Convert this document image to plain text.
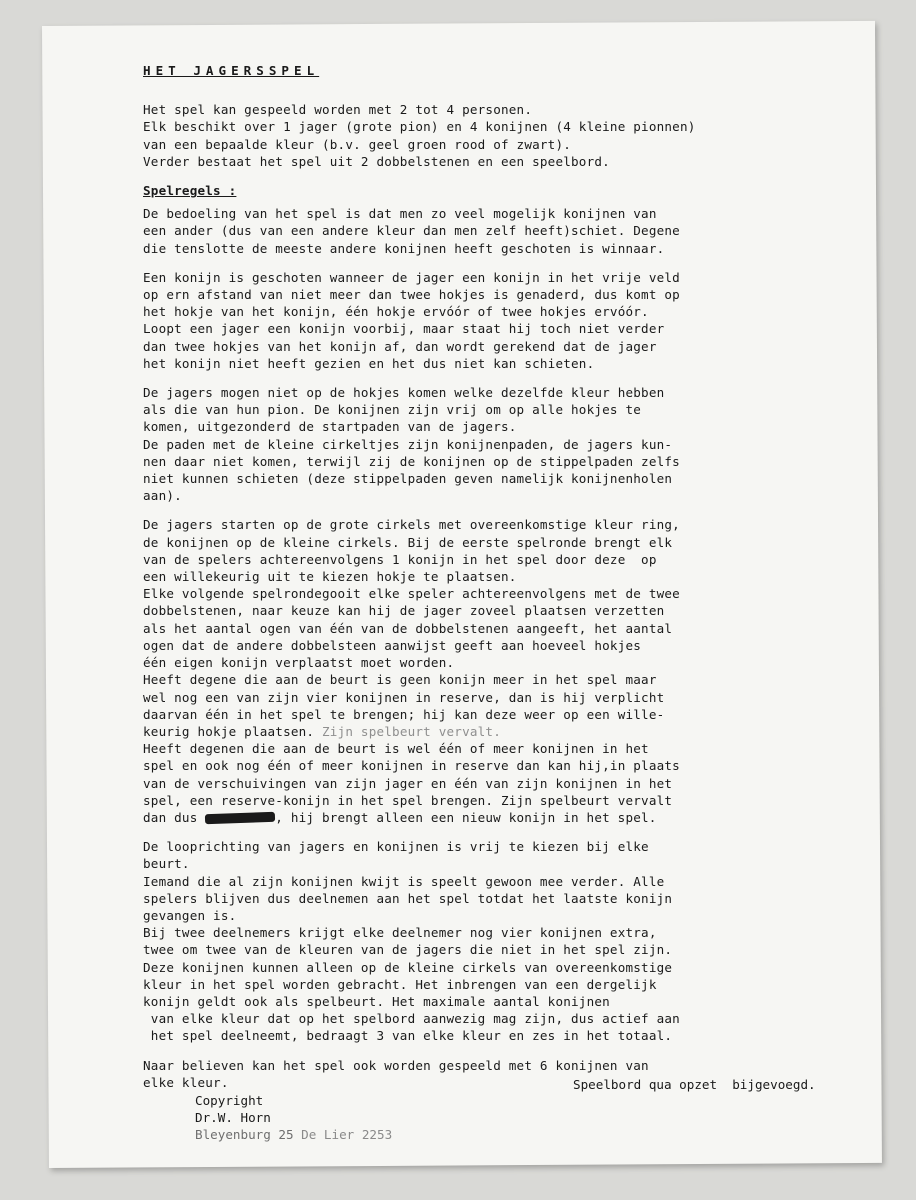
HET JAGERSSPEL
Het spel kan gespeeld worden met 2 tot 4 personen.
Elk beschikt over 1 jager (grote pion) en 4 konijnen (4 kleine pionnen)
van een bepaalde kleur (b.v. geel groen rood of zwart).
Verder bestaat het spel uit 2 dobbelstenen en een speelbord.
Spelregels :
De bedoeling van het spel is dat men zo veel mogelijk konijnen van
een ander (dus van een andere kleur dan men zelf heeft)schiet. Degene
die tenslotte de meeste andere konijnen heeft geschoten is winnaar.
Een konijn is geschoten wanneer de jager een konijn in het vrije veld
op ern afstand van niet meer dan twee hokjes is genaderd, dus komt op
het hokje van het konijn, één hokje ervóór of twee hokjes ervóór.
Loopt een jager een konijn voorbij, maar staat hij toch niet verder
dan twee hokjes van het konijn af, dan wordt gerekend dat de jager
het konijn niet heeft gezien en het dus niet kan schieten.
De jagers mogen niet op de hokjes komen welke dezelfde kleur hebben
als die van hun pion. De konijnen zijn vrij om op alle hokjes te
komen, uitgezonderd de startpaden van de jagers.
De paden met de kleine cirkeltjes zijn konijnenpaden, de jagers kun-
nen daar niet komen, terwijl zij de konijnen op de stippelpaden zelfs
niet kunnen schieten (deze stippelpaden geven namelijk konijnenholen
aan).
De jagers starten op de grote cirkels met overeenkomstige kleur ring,
de konijnen op de kleine cirkels. Bij de eerste spelronde brengt elk
van de spelers achtereenvolgens 1 konijn in het spel door deze  op
een willekeurig uit te kiezen hokje te plaatsen.
Elke volgende spelrondegooit elke speler achtereenvolgens met de twee
dobbelstenen, naar keuze kan hij de jager zoveel plaatsen verzetten
als het aantal ogen van één van de dobbelstenen aangeeft, het aantal
ogen dat de andere dobbelsteen aanwijst geeft aan hoeveel hokjes
één eigen konijn verplaatst moet worden.
Heeft degene die aan de beurt is geen konijn meer in het spel maar
wel nog een van zijn vier konijnen in reserve, dan is hij verplicht
daarvan één in het spel te brengen; hij kan deze weer op een wille-
keurig hokje plaatsen. Zijn spelbeurt vervalt.
Heeft degenen die aan de beurt is wel één of meer konijnen in het
spel en ook nog één of meer konijnen in reserve dan kan hij,in plaats
van de verschuivingen van zijn jager en één van zijn konijnen in het
spel, een reserve-konijn in het spel brengen. Zijn spelbeurt vervalt
dan dus	, hij brengt alleen een nieuw konijn in het spel.
De looprichting van jagers en konijnen is vrij te kiezen bij elke
beurt.
Iemand die al zijn konijnen kwijt is speelt gewoon mee verder. Alle
spelers blijven dus deelnemen aan het spel totdat het laatste konijn
gevangen is.
Bij twee deelnemers krijgt elke deelnemer nog vier konijnen extra,
twee om twee van de kleuren van de jagers die niet in het spel zijn.
Deze konijnen kunnen alleen op de kleine cirkels van overeenkomstige
kleur in het spel worden gebracht. Het inbrengen van een dergelijk
konijn geldt ook als spelbeurt. Het maximale aantal konijnen
van elke kleur dat op het spelbord aanwezig mag zijn, dus actief aan
het spel deelneemt, bedraagt 3 van elke kleur en zes in het totaal.
Naar believen kan het spel ook worden gespeeld met 6 konijnen van
elke kleur.	Speelbord qua opzet  bijgevoegd.
Copyright
Dr.W. Horn
Bleyenburg 25 De Lier 2253
